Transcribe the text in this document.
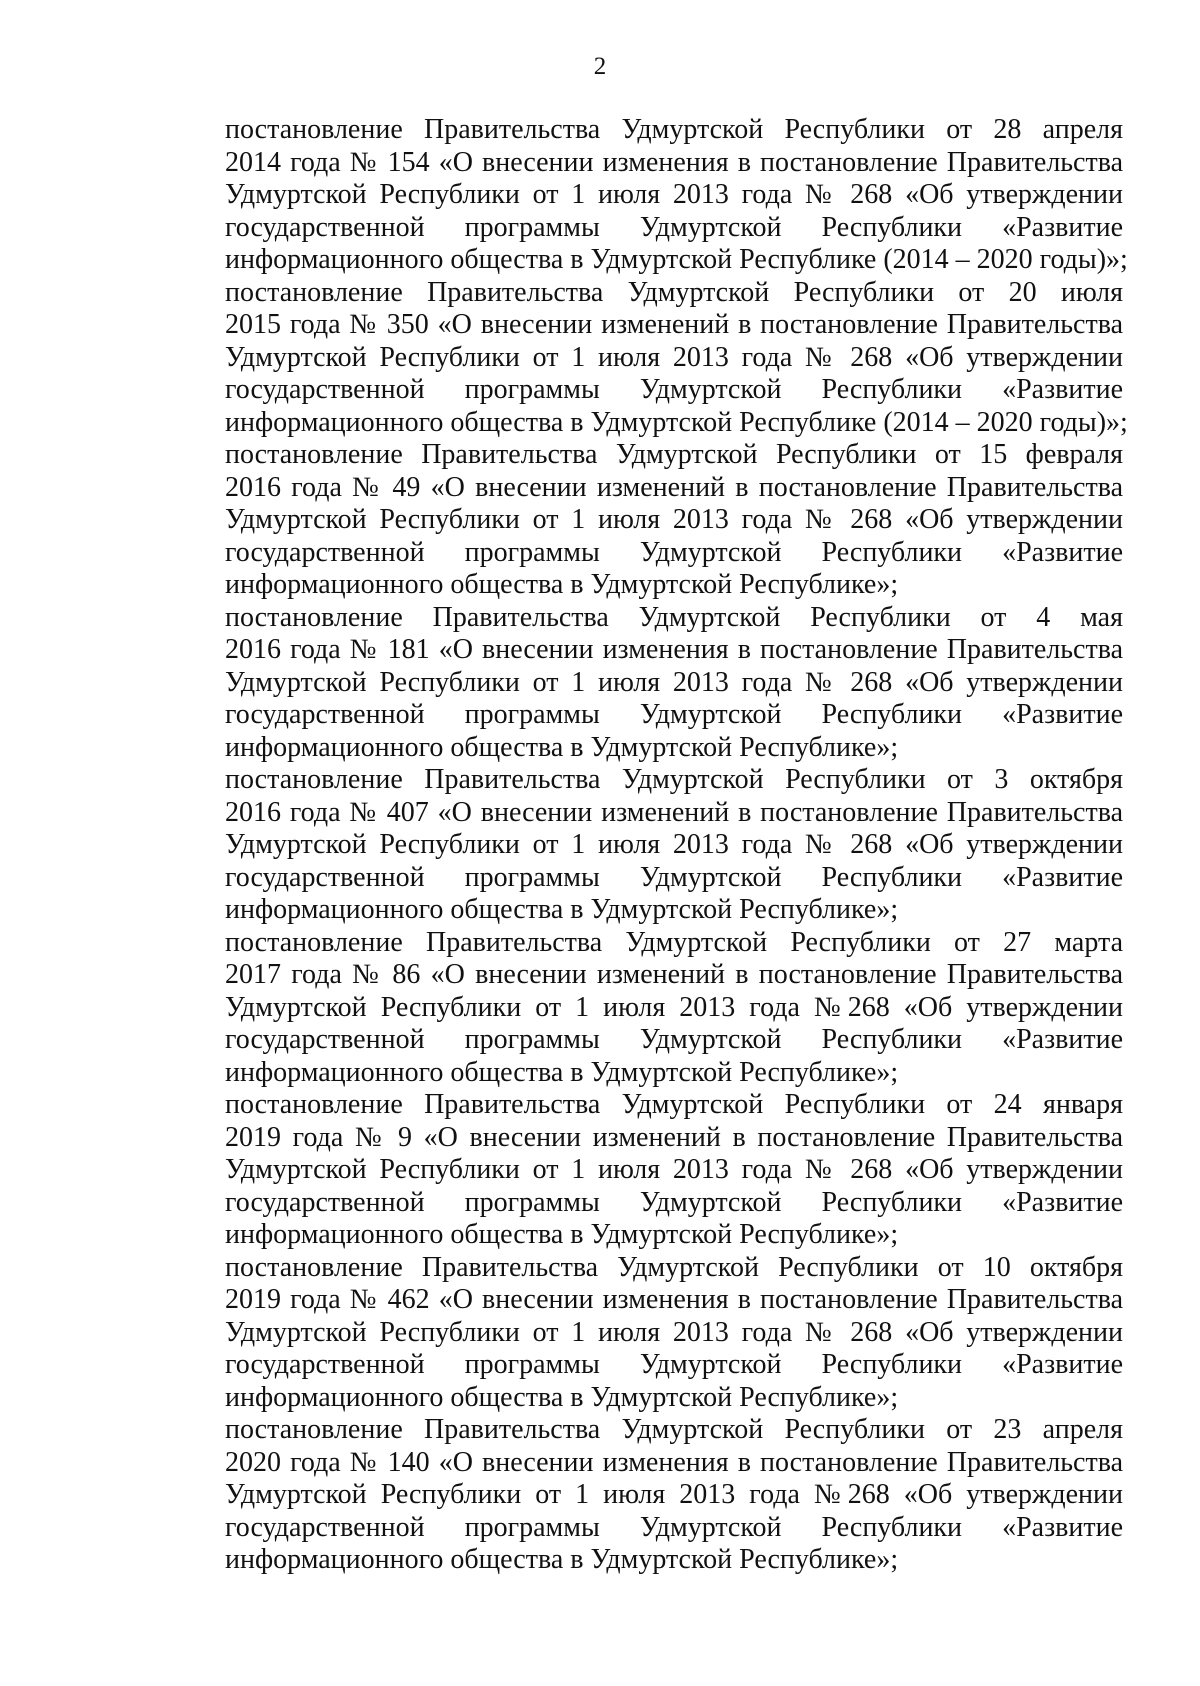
2

постановление Правительства Удмуртской Республики от 28 апреля
2014 года № 154 «О внесении изменения в постановление Правительства
Удмуртской Республики от 1 июля 2013 года № 268 «Об утверждении
государственной программы Удмуртской Республики «Развитие
информационного общества в Удмуртской Республике (2014 – 2020 годы)»;

постановление Правительства Удмуртской Республики от 20 июля
2015 года № 350 «О внесении изменений в постановление Правительства
Удмуртской Республики от 1 июля 2013 года № 268 «Об утверждении
государственной программы Удмуртской Республики «Развитие
информационного общества в Удмуртской Республике (2014 – 2020 годы)»;

постановление Правительства Удмуртской Республики от 15 февраля
2016 года № 49 «О внесении изменений в постановление Правительства
Удмуртской Республики от 1 июля 2013 года № 268 «Об утверждении
государственной программы Удмуртской Республики «Развитие
информационного общества в Удмуртской Республике»;

постановление Правительства Удмуртской Республики от 4 мая
2016 года № 181 «О внесении изменения в постановление Правительства
Удмуртской Республики от 1 июля 2013 года № 268 «Об утверждении
государственной программы Удмуртской Республики «Развитие
информационного общества в Удмуртской Республике»;

постановление Правительства Удмуртской Республики от 3 октября
2016 года № 407 «О внесении изменений в постановление Правительства
Удмуртской Республики от 1 июля 2013 года № 268 «Об утверждении
государственной программы Удмуртской Республики «Развитие
информационного общества в Удмуртской Республике»;

постановление Правительства Удмуртской Республики от 27 марта
2017 года № 86 «О внесении изменений в постановление Правительства
Удмуртской Республики от 1 июля 2013 года №268 «Об утверждении
государственной программы Удмуртской Республики «Развитие
информационного общества в Удмуртской Республике»;

постановление Правительства Удмуртской Республики от 24 января
2019 года № 9 «О внесении изменений в постановление Правительства
Удмуртской Республики от 1 июля 2013 года № 268 «Об утверждении
государственной программы Удмуртской Республики «Развитие
информационного общества в Удмуртской Республике»;

постановление Правительства Удмуртской Республики от 10 октября
2019 года № 462 «О внесении изменения в постановление Правительства
Удмуртской Республики от 1 июля 2013 года № 268 «Об утверждении
государственной программы Удмуртской Республики «Развитие
информационного общества в Удмуртской Республике»;

постановление Правительства Удмуртской Республики от 23 апреля
2020 года № 140 «О внесении изменения в постановление Правительства
Удмуртской Республики от 1 июля 2013 года №268 «Об утверждении
государственной программы Удмуртской Республики «Развитие
информационного общества в Удмуртской Республике»;
